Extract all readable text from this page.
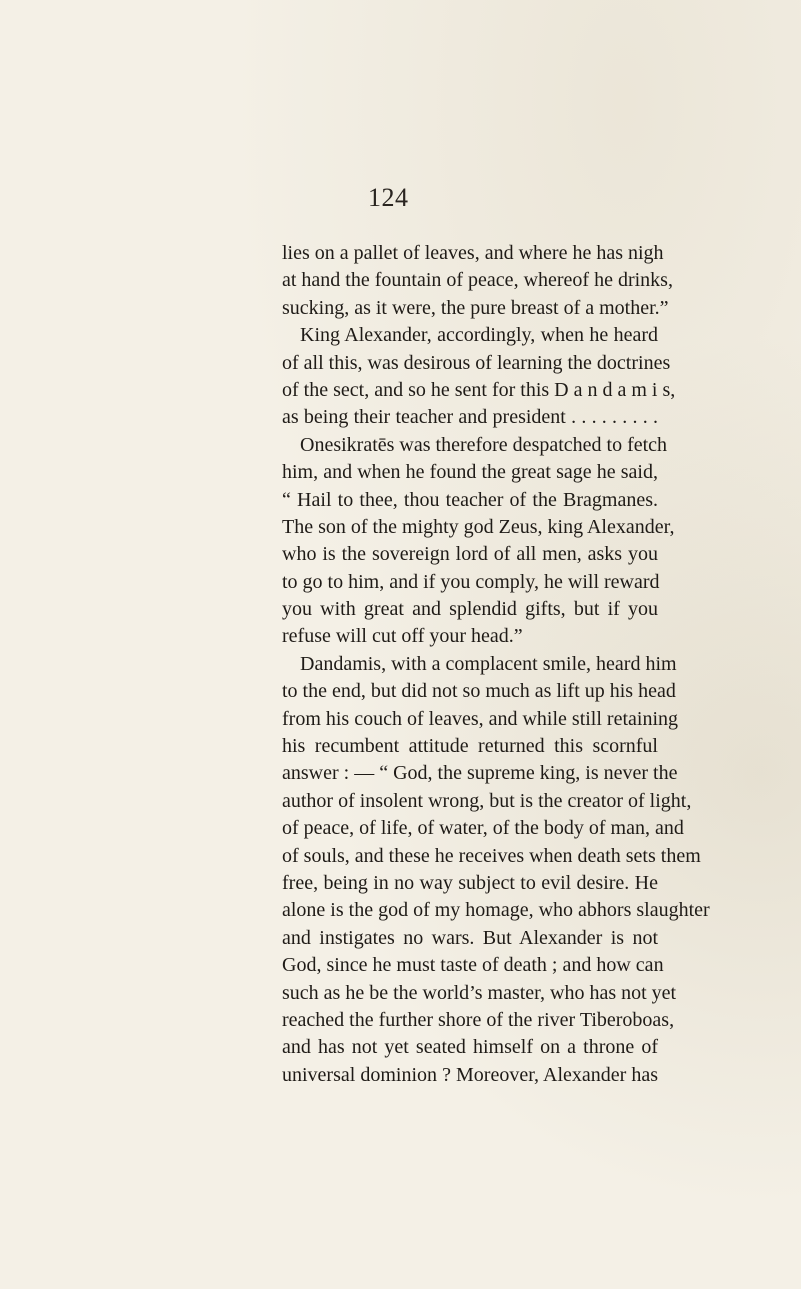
124
lies on a pallet of leaves, and where he has nigh
at hand the fountain of peace, whereof he drinks,
sucking, as it were, the pure breast of a mother.”
King Alexander, accordingly, when he heard
of all this, was desirous of learning the doctrines
of the sect, and so he sent for this D a n d a m i s,
as being their teacher and president . . . . . . . . .
Onesikratēs was therefore despatched to fetch
him, and when he found the great sage he said,
“ Hail to thee, thou teacher of the Bragmanes.
The son of the mighty god Zeus, king Alexander,
who is the sovereign lord of all men, asks you
to go to him, and if you comply, he will reward
you with great and splendid gifts, but if you
refuse will cut off your head.”
Dandamis, with a complacent smile, heard him
to the end, but did not so much as lift up his head
from his couch of leaves, and while still retaining
his recumbent attitude returned this scornful
answer : — “ God, the supreme king, is never the
author of insolent wrong, but is the creator of light,
of peace, of life, of water, of the body of man, and
of souls, and these he receives when death sets them
free, being in no way subject to evil desire. He
alone is the god of my homage, who abhors slaughter
and instigates no wars. But Alexander is not
God, since he must taste of death ; and how can
such as he be the world’s master, who has not yet
reached the further shore of the river Tiberoboas,
and has not yet seated himself on a throne of
universal dominion ? Moreover, Alexander has
